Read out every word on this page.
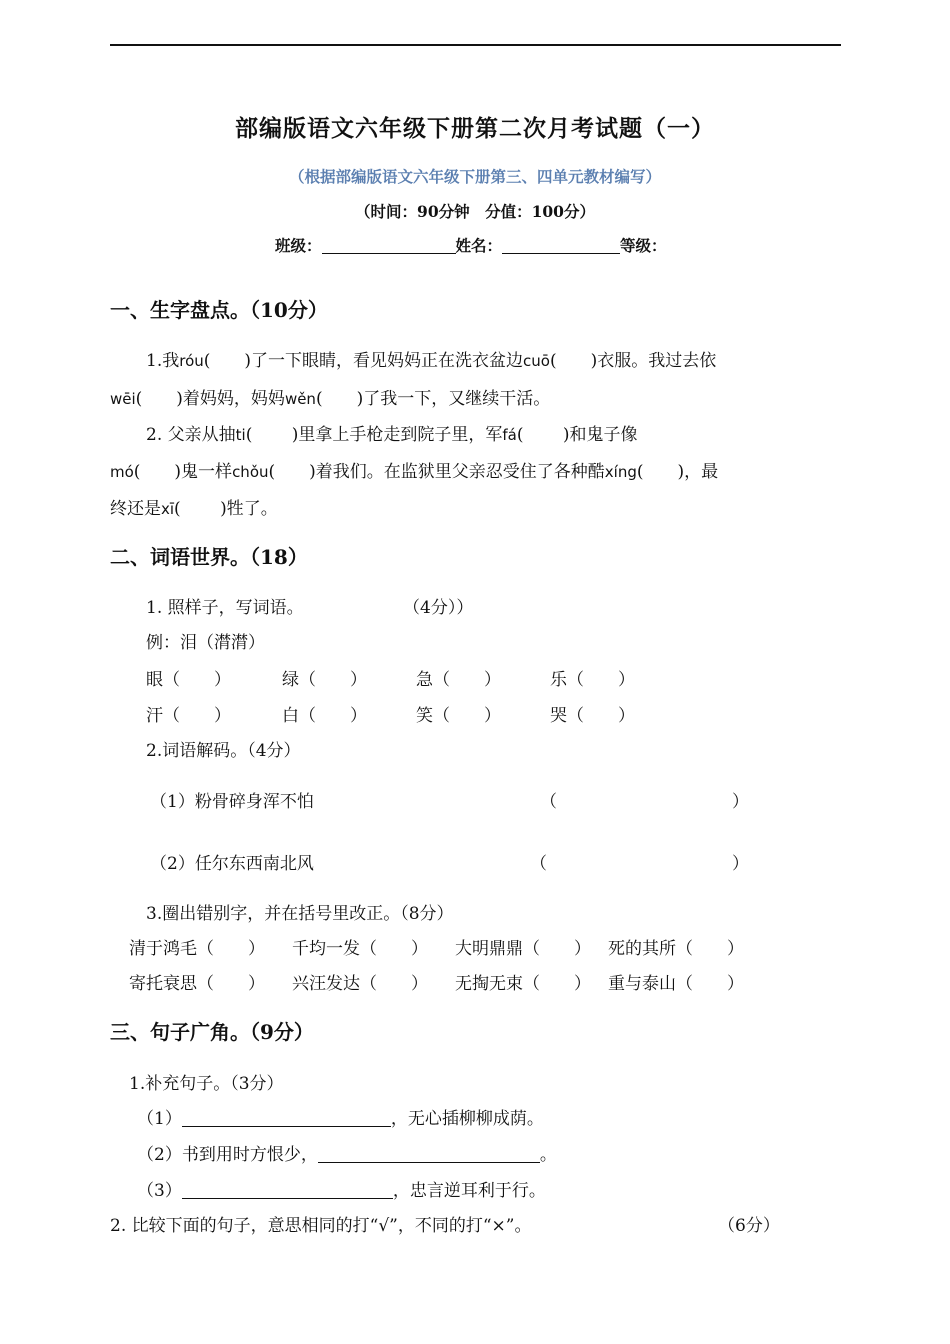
部编版语文六年级下册第二次月考试题（一）
（根据部编版语文六年级下册第三、四单元教材编写）
（时间：90分钟　分值：100分）
班级：	姓名：	等级：
一、生字盘点。（10分）
1.我róu(　　)了一下眼睛，看见妈妈正在洗衣盆边cuō(　　)衣服。我过去依
wēi(　　)着妈妈，妈妈wěn(　　)了我一下，又继续干活。
2. 父亲从抽ti(　　 )里拿上手枪走到院子里，军fá(　　 )和鬼子像
mó(　　)鬼一样chǒu(　　)着我们。在监狱里父亲忍受住了各种酷xíng(　　)，最
终还是xī(　　 )牲了。
二、词语世界。（18）
1. 照样子，写词语。	（4分））
例：泪（潸潸）
眼（　　）	绿（　　）	急（　　）	乐（　　）
汗（　　）	白（　　）	笑（　　）	哭（　　）
2.词语解码。（4分）
（1）粉骨碎身浑不怕	（	）
（2）任尔东西南北风	（	）
3.圈出错别字，并在括号里改正。（8分）
清于鸿毛（　　） 千均一发（　　） 大明鼎鼎（　　） 死的其所（　　）
寄托衰思（　　） 兴汪发达（　　） 无掏无束（　　） 重与泰山（　　）
三、句子广角。（9分）
1.补充句子。（3分）
（1）	，无心插柳柳成荫。
（2）书到用时方恨少，	。
（3）	，忠言逆耳利于行。
2. 比较下面的句子，意思相同的打“√”，不同的打“×”。	（6分）
